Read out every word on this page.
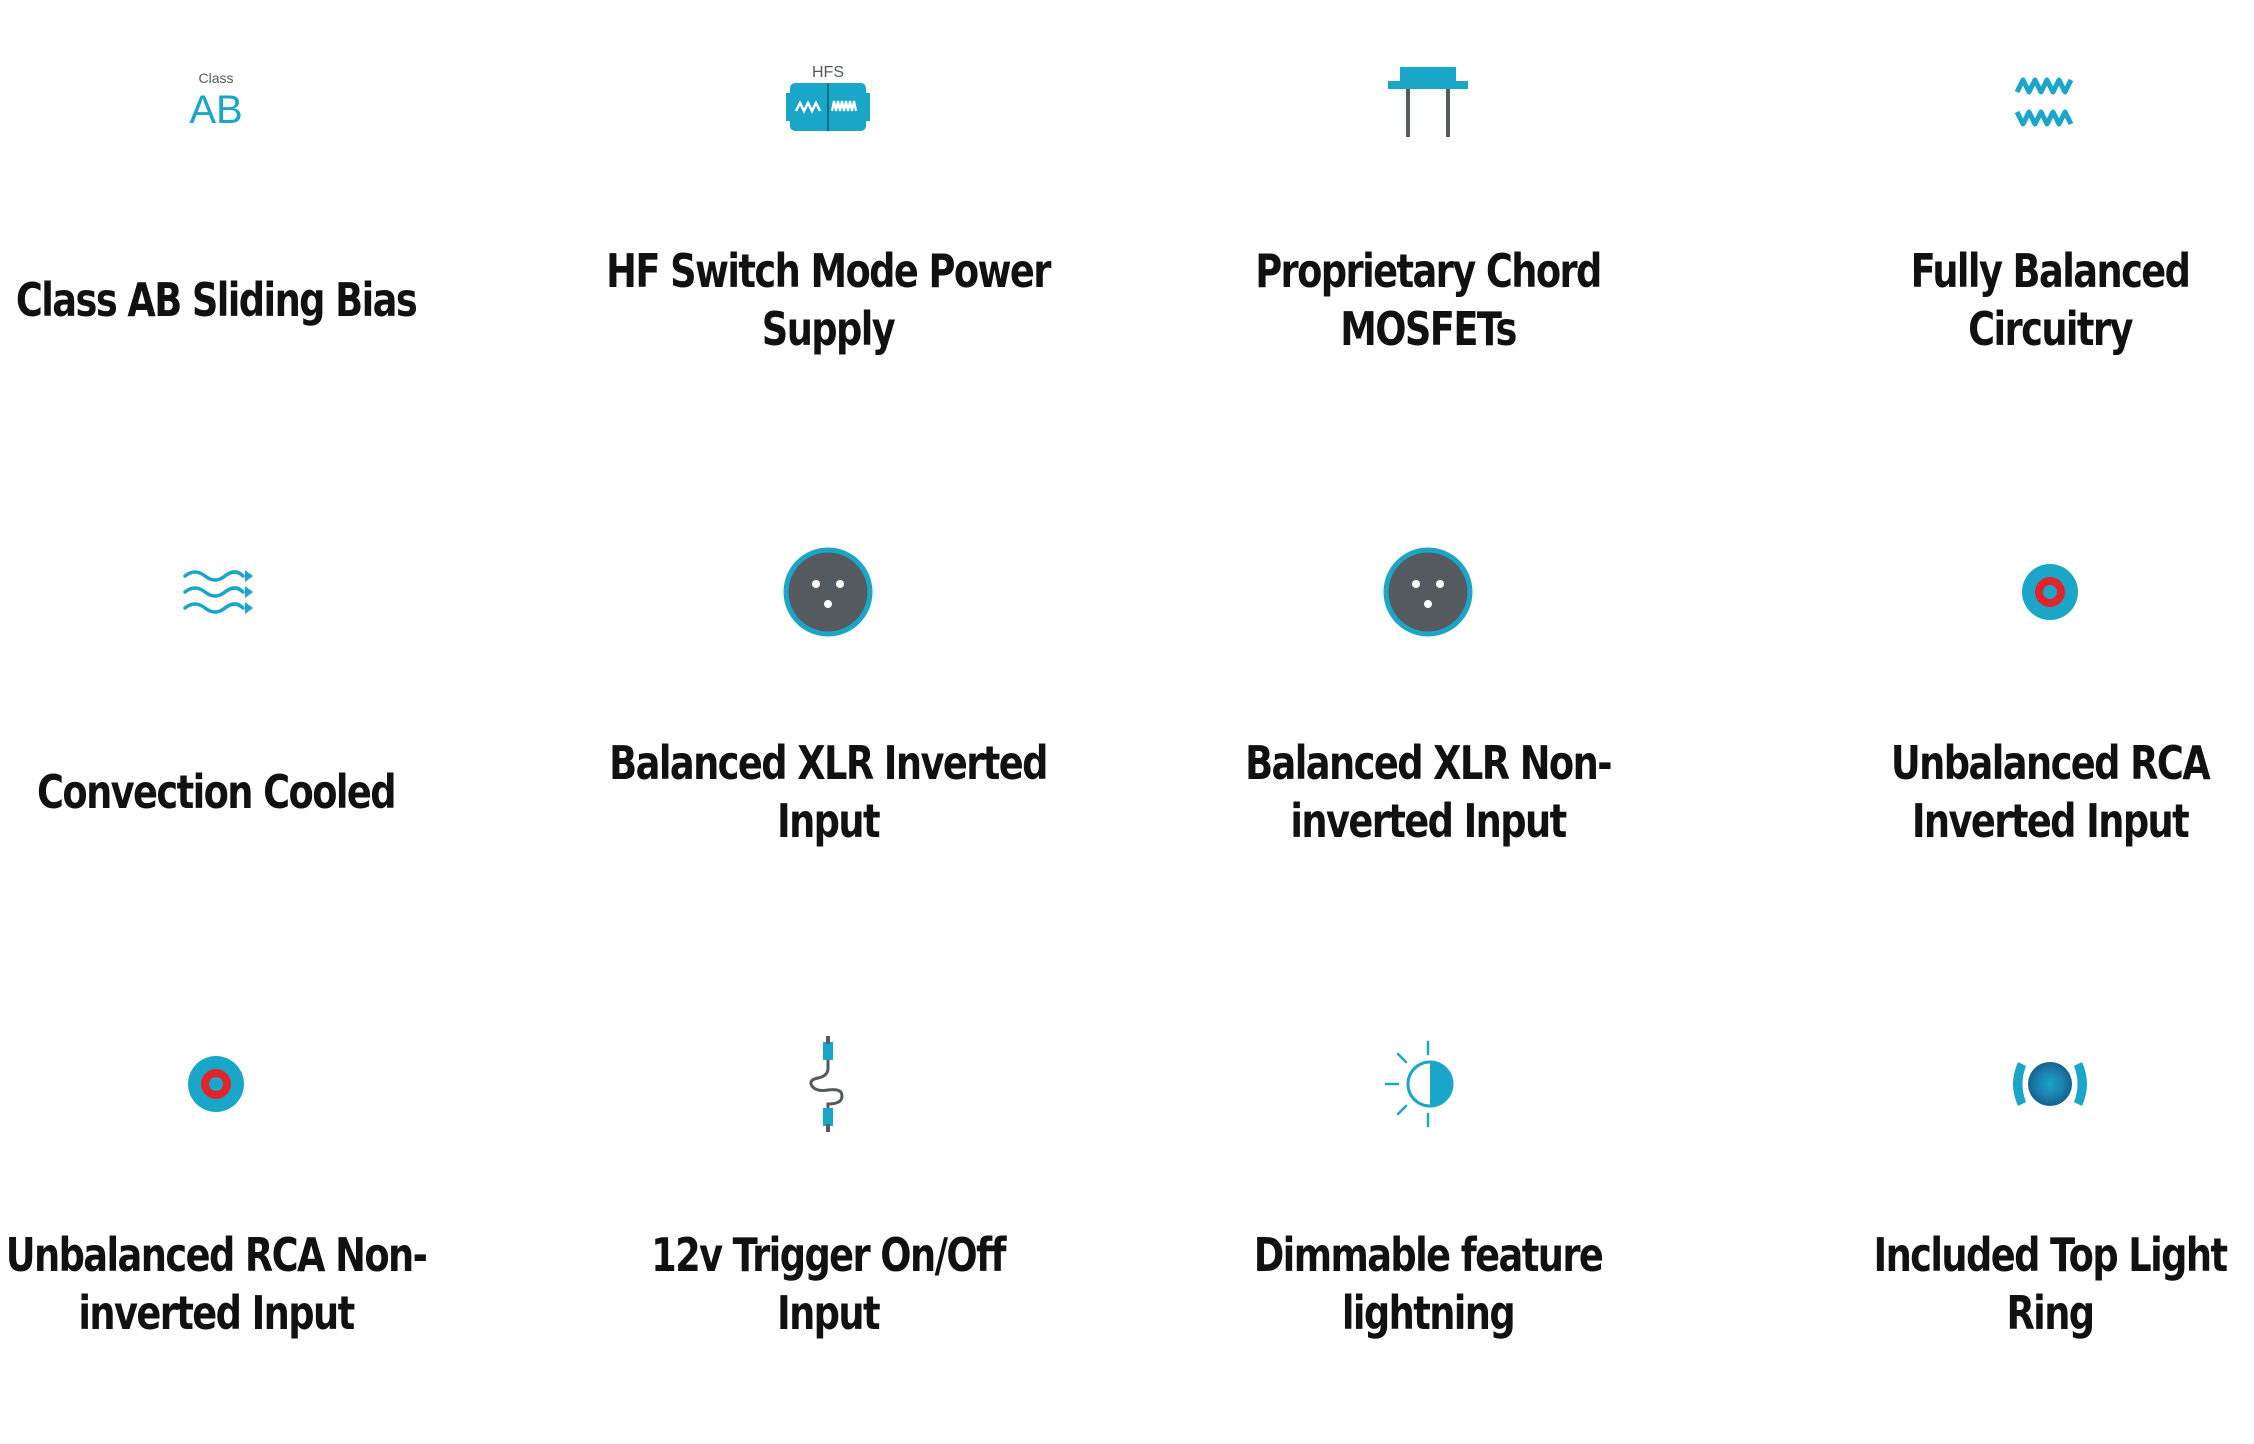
Class
AB
Class AB Sliding Bias
HFS
HF Switch Mode Power Supply
Proprietary Chord MOSFETs
Fully Balanced Circuitry
Convection Cooled
Balanced XLR Inverted Input
Balanced XLR Non-inverted Input
Unbalanced RCA Inverted Input
Unbalanced RCA Non-inverted Input
12v Trigger On/Off Input
Dimmable feature lightning
Included Top Light Ring
